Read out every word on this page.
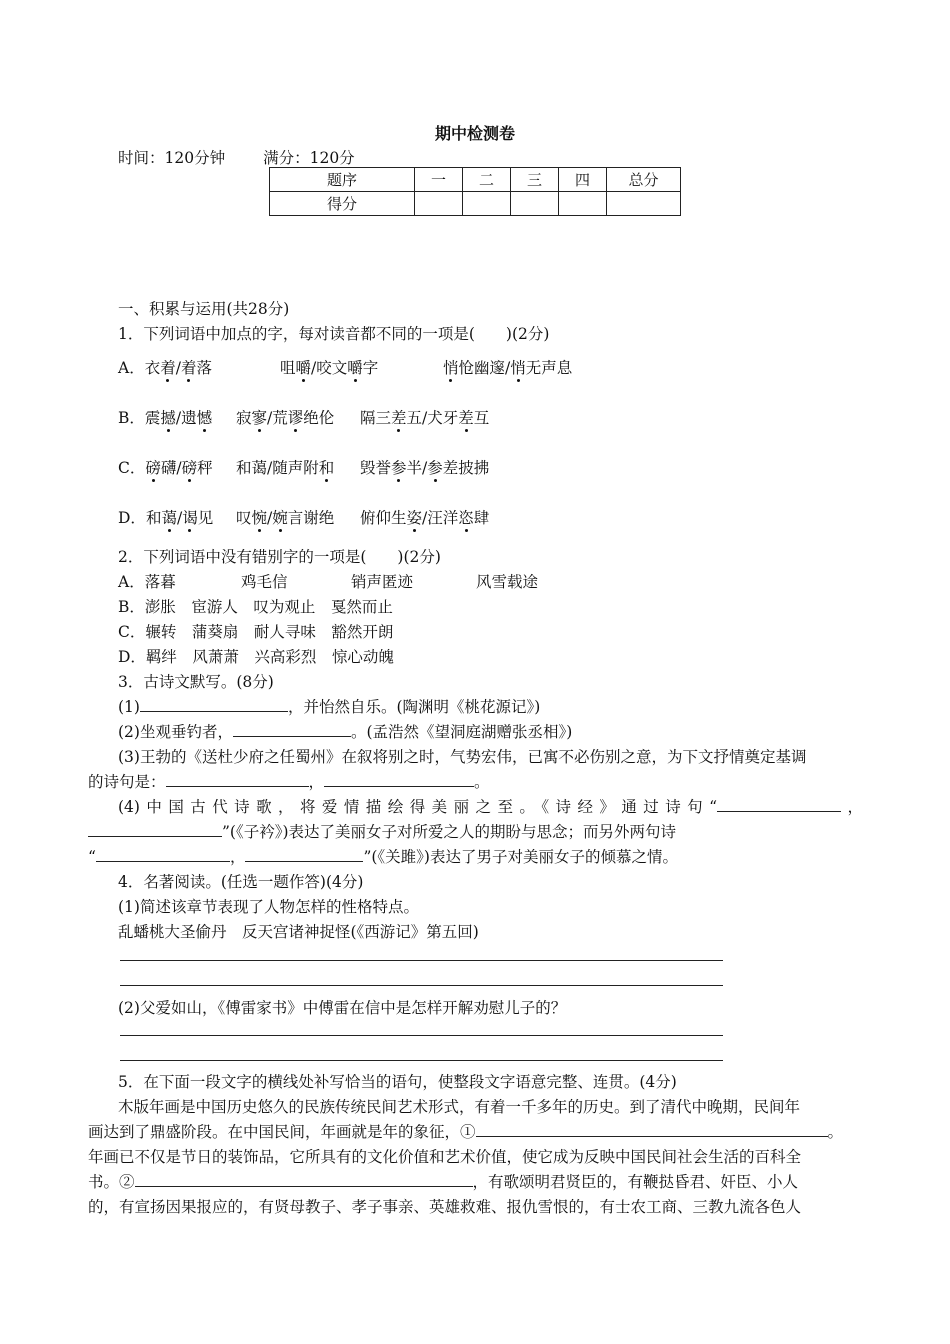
期中检测卷
时间：120分钟 满分：120分
题序	一	二	三	四	总分
得分					
一、积累与运用(共28分)
1．下列词语中加点的字，每对读音都不同的一项是(　　)(2分)
A．衣着/着落	咀嚼/咬文嚼字	悄怆幽邃/悄无声息
B．震撼/遗憾 寂寥/荒谬绝伦 隔三差五/犬牙差互
C．磅礴/磅秤 和蔼/随声附和 毁誉参半/参差披拂
D．和蔼/谒见 叹惋/婉言谢绝 俯仰生姿/汪洋恣肆
2．下列词语中没有错别字的一项是(　　)(2分)
A．落暮	鸡毛信	销声匿迹	风雪载途
B．澎胀　宦游人　叹为观止　戛然而止
C．辗转　蒲葵扇　耐人寻味　豁然开朗
D．羁绊　风萧萧　兴高彩烈　惊心动魄
3．古诗文默写。(8分)
(1)	，并怡然自乐。(陶渊明《桃花源记》)
(2)坐观垂钓者，	。(孟浩然《望洞庭湖赠张丞相》)
(3)王勃的《送杜少府之任蜀州》在叙将别之时，气势宏伟，已寓不必伤别之意，为下文抒情奠定基调
的诗句是：	，	。
(4)中国古代诗歌，将爱情描绘得美丽之至。《诗经》通过诗句“	，
”(《子衿》)表达了美丽女子对所爱之人的期盼与思念；而另外两句诗
“	，	”(《关雎》)表达了男子对美丽女子的倾慕之情。
4．名著阅读。(任选一题作答)(4分)
(1)简述该章节表现了人物怎样的性格特点。
乱蟠桃大圣偷丹　反天宫诸神捉怪(《西游记》第五回)
(2)父爱如山，《傅雷家书》中傅雷在信中是怎样开解劝慰儿子的？
5．在下面一段文字的横线处补写恰当的语句，使整段文字语意完整、连贯。(4分)
木版年画是中国历史悠久的民族传统民间艺术形式，有着一千多年的历史。到了清代中晚期，民间年
画达到了鼎盛阶段。在中国民间，年画就是年的象征，①	。
年画已不仅是节日的装饰品，它所具有的文化价值和艺术价值，使它成为反映中国民间社会生活的百科全
书。②	，有歌颂明君贤臣的，有鞭挞昏君、奸臣、小人
的，有宣扬因果报应的，有贤母教子、孝子事亲、英雄救难、报仇雪恨的，有士农工商、三教九流各色人
